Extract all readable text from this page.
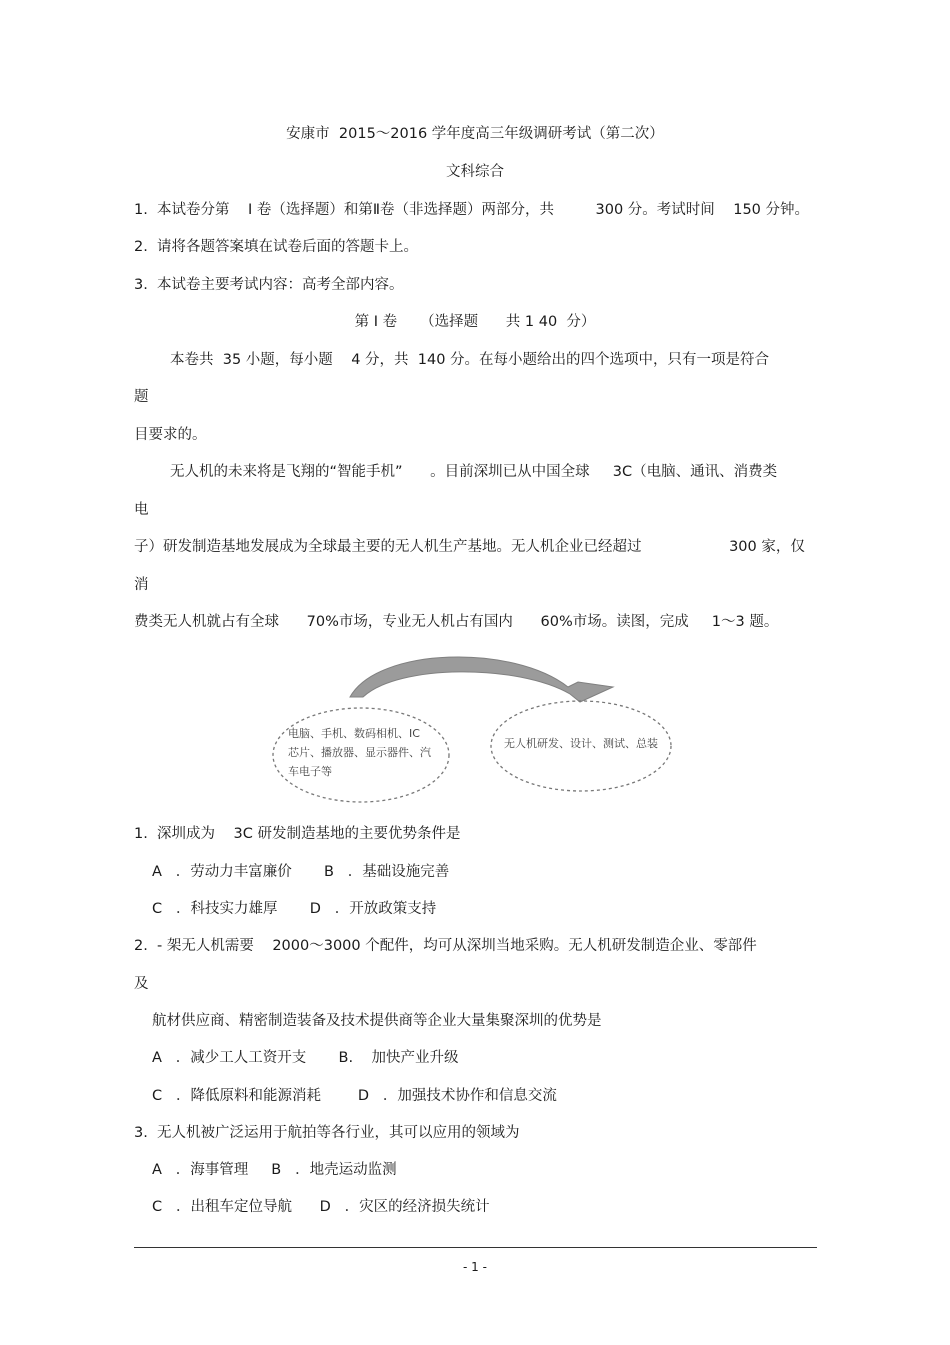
安康市  2015～2016 学年度高三年级调研考试（第二次）
文科综合
1.  本试卷分第    Ⅰ 卷（选择题）和第Ⅱ卷（非选择题）两部分，共         300 分。考试时间    150 分钟。
2.  请将各题答案填在试卷后面的答题卡上。
3.  本试卷主要考试内容：高考全部内容。
第 Ⅰ 卷     （选择题      共 1 40  分）
本卷共  35 小题，每小题    4 分，共  140 分。在每小题给出的四个选项中，只有一项是符合
题
目要求的。
无人机的未来将是飞翔的“智能手机”      。目前深圳已从中国全球     3C（电脑、通讯、消费类
电
子）研发制造基地发展成为全球最主要的无人机生产基地。无人机企业已经超过                   300 家，仅
消
费类无人机就占有全球      70%市场，专业无人机占有国内      60%市场。读图，完成     1～3 题。
电脑、手机、数码相机、IC
芯片、播放器、显示器件、汽
车电子等
无人机研发、设计、测试、总装
1.  深圳成为    3C 研发制造基地的主要优势条件是
A   ．劳动力丰富廉价       B   ．基础设施完善
C   ．科技实力雄厚       D   ．开放政策支持
2.  - 架无人机需要    2000～3000 个配件，均可从深圳当地采购。无人机研发制造企业、零部件
及
航材供应商、精密制造装备及技术提供商等企业大量集聚深圳的优势是
A   ．减少工人工资开支       B.    加快产业升级
C   ．降低原料和能源消耗        D   ．加强技术协作和信息交流
3.  无人机被广泛运用于航拍等各行业，其可以应用的领域为
A   ．海事管理     B   ．地壳运动监测
C   ．出租车定位导航      D   ．灾区的经济损失统计
- 1 -
